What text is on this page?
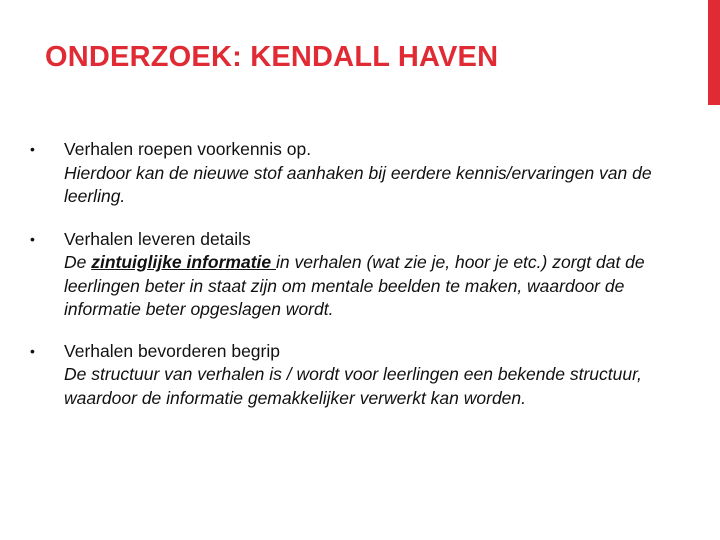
ONDERZOEK: KENDALL HAVEN
•	Verhalen roepen voorkennis op.
Hierdoor kan de nieuwe stof aanhaken bij eerdere kennis/ervaringen van de leerling.
•	Verhalen leveren details
De zintuiglijke informatie in verhalen (wat zie je, hoor je etc.) zorgt dat de leerlingen beter in staat zijn om mentale beelden te maken, waardoor de informatie beter opgeslagen wordt.
•	Verhalen bevorderen begrip
De structuur van verhalen is / wordt voor leerlingen een bekende structuur, waardoor de informatie gemakkelijker verwerkt kan worden.
